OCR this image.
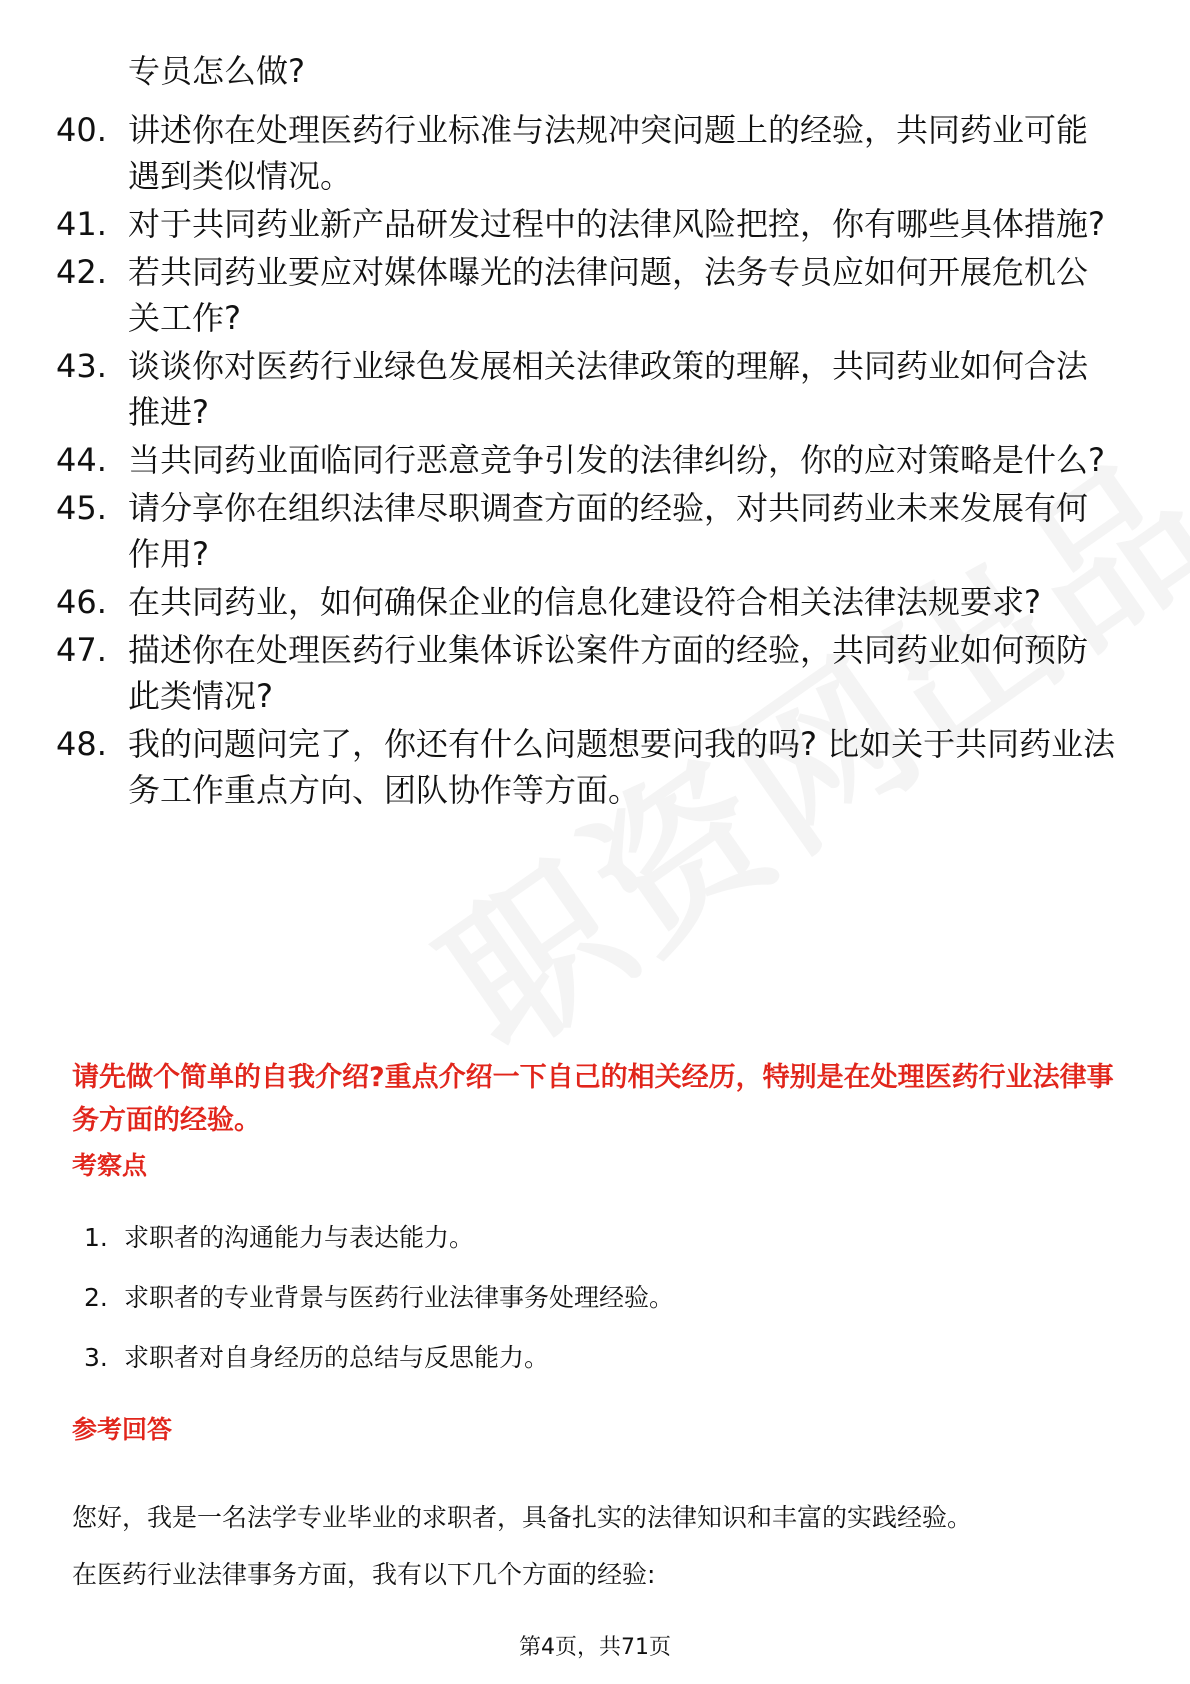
专员怎么做?
40. 讲述你在处理医药行业标准与法规冲突问题上的经验，共同药业可能遇到类似情况。
41. 对于共同药业新产品研发过程中的法律风险把控，你有哪些具体措施?
42. 若共同药业要应对媒体曝光的法律问题，法务专员应如何开展危机公关工作?
43. 谈谈你对医药行业绿色发展相关法律政策的理解，共同药业如何合法推进?
44. 当共同药业面临同行恶意竞争引发的法律纠纷，你的应对策略是什么?
45. 请分享你在组织法律尽职调查方面的经验，对共同药业未来发展有何作用?
46. 在共同药业，如何确保企业的信息化建设符合相关法律法规要求?
47. 描述你在处理医药行业集体诉讼案件方面的经验，共同药业如何预防此类情况?
48. 我的问题问完了，你还有什么问题想要问我的吗? 比如关于共同药业法务工作重点方向、团队协作等方面。
请先做个简单的自我介绍?重点介绍一下自己的相关经历，特别是在处理医药行业法律事务方面的经验。
考察点
1. 求职者的沟通能力与表达能力。
2. 求职者的专业背景与医药行业法律事务处理经验。
3. 求职者对自身经历的总结与反思能力。
参考回答
您好，我是一名法学专业毕业的求职者，具备扎实的法律知识和丰富的实践经验。
在医药行业法律事务方面，我有以下几个方面的经验:
第4页，共71页
